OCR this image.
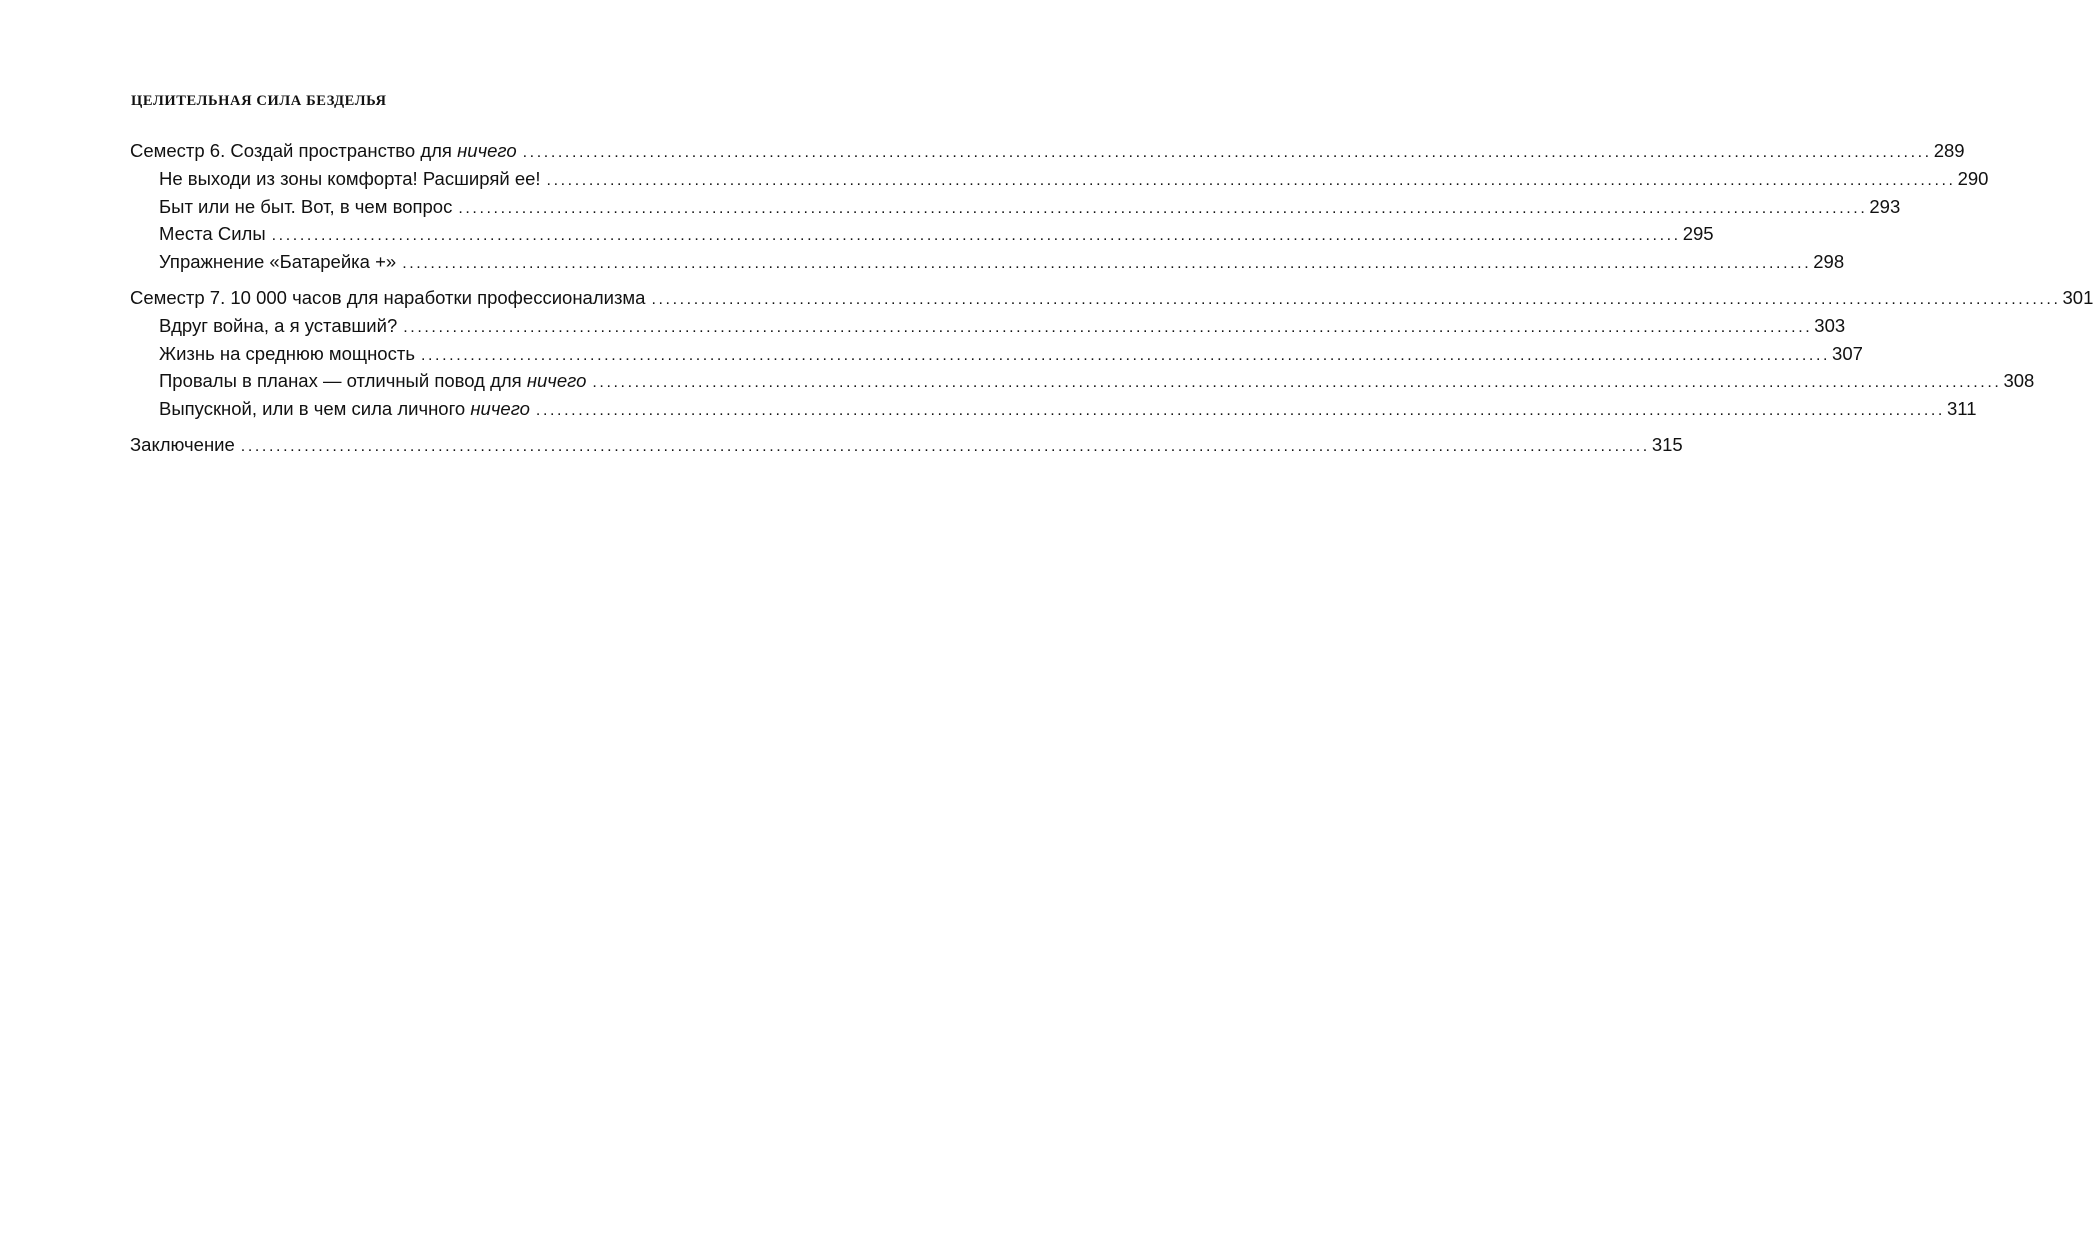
ЦЕЛИТЕЛЬНАЯ СИЛА БЕЗДЕЛЬЯ
Семестр 6. Создай пространство для ничего ........................................................................................................................................................................................................ 289
Не выходи из зоны комфорта! Расширяй ее! ........................................................................................................................................................................................................ 290
Быт или не быт. Вот, в чем вопрос ........................................................................................................................................................................................................ 293
Места Силы ........................................................................................................................................................................................................ 295
Упражнение «Батарейка +» ........................................................................................................................................................................................................ 298
Семестр 7. 10 000 часов для наработки профессионализма ........................................................................................................................................................................................................ 301
Вдруг война, а я уставший? ........................................................................................................................................................................................................ 303
Жизнь на среднюю мощность ........................................................................................................................................................................................................ 307
Провалы в планах — отличный повод для ничего ........................................................................................................................................................................................................ 308
Выпускной, или в чем сила личного ничего ........................................................................................................................................................................................................ 311
Заключение ........................................................................................................................................................................................................ 315
